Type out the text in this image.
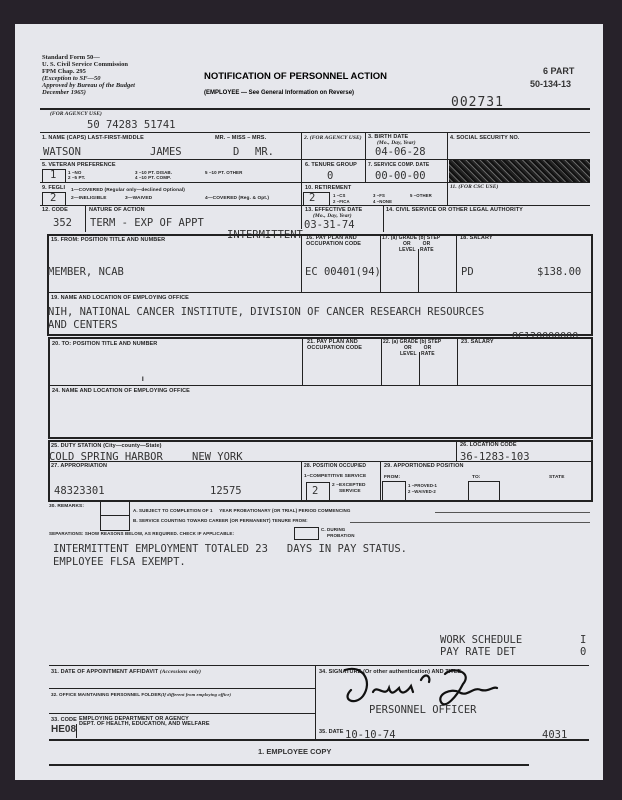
Standard Form 50—
U. S. Civil Service Commission
FPM Chap. 295
(Exception to SF—50
Approved by Bureau of the Budget
December 1965)
NOTIFICATION OF PERSONNEL ACTION
(EMPLOYEE — See General Information on Reverse)
6 PART
50-134-13
002731
(FOR AGENCY USE)
50 74283 51741
1. NAME (CAPS) LAST-FIRST-MIDDLE	MR. – MISS – MRS.
WATSON	JAMES	D MR.
2. (FOR AGENCY USE) 3. BIRTH DATE
(Mo., Day, Year)
04-06-28
4. SOCIAL SECURITY NO.
5. VETERAN PREFERENCE
1	1 –NO
2 –5 PT.
3 –10 PT. DISAB.
4 –10 PT. COMP.
5 –10 PT. OTHER
6. TENURE GROUP
0
7. SERVICE COMP. DATE
00-00-00
9. FEGLI
2
1—COVERED (Regular only—declined Optional)
2—INELIGIBLE	3—WAIVED	4—COVERED (Reg. & Opt.)
10. RETIREMENT
2	1 –CS
2 –FICA
3 –FS
4 –NONE
5 –OTHER
11. (FOR CSC USE)
12. CODE	NATURE OF ACTION
352 TERM - EXP OF APPT
INTERMITTENT
13. EFFECTIVE DATE
(Mo., Day, Year)
03-31-74
14. CIVIL SERVICE OR OTHER LEGAL AUTHORITY
15. FROM: POSITION TITLE AND NUMBER
MEMBER, NCAB
16. PAY PLAN AND
OCCUPATION CODE
EC 00401(94)
17. (a) GRADE (b) STEP
OR        OR
LEVEL   RATE
18. SALARY
PD	$138.00
19. NAME AND LOCATION OF EMPLOYING OFFICE
NIH, NATIONAL CANCER INSTITUTE, DIVISION OF CANCER RESEARCH RESOURCES
AND CENTERS
8C120000000
20. TO: POSITION TITLE AND NUMBER
I
21. PAY PLAN AND
OCCUPATION CODE
22. (a) GRADE (b) STEP
OR        OR
LEVEL   RATE
23. SALARY
24. NAME AND LOCATION OF EMPLOYING OFFICE
25. DUTY STATION (City—county—State)
COLD SPRING HARBOR	NEW YORK
26. LOCATION CODE
36-1283-103
27. APPROPRIATION
48323301	12575
28. POSITION OCCUPIED
1–COMPETITIVE SERVICE
2	2 –EXCEPTED
SERVICE
29. APPORTIONED POSITION
FROM:
1 –PROVED-1
2 –WAIVED-2
TO:	STATE
30. REMARKS:
A. SUBJECT TO COMPLETION OF 1     YEAR PROBATIONARY (OR TRIAL) PERIOD COMMENCING
B. SERVICE COUNTING TOWARD CAREER (OR PERMANENT) TENURE FROM:
SEPARATIONS: SHOW REASONS BELOW, AS REQUIRED. CHECK IF APPLICABLE:
C. DURING
PROBATION
INTERMITTENT EMPLOYMENT TOTALED 23   DAYS IN PAY STATUS.
EMPLOYEE FLSA EXEMPT.
WORK SCHEDULE	I
PAY RATE DET	0
31. DATE OF APPOINTMENT AFFIDAVIT (Accessions only)
32. OFFICE MAINTAINING PERSONNEL FOLDER(If different from employing office)
33. CODE EMPLOYING DEPARTMENT OR AGENCY
DEPT. OF HEALTH, EDUCATION, AND WELFARE
HE08
34. SIGNATURE (Or other authentication) AND TITLE
PERSONNEL OFFICER
35. DATE 10-10-74	4031
1. EMPLOYEE COPY
